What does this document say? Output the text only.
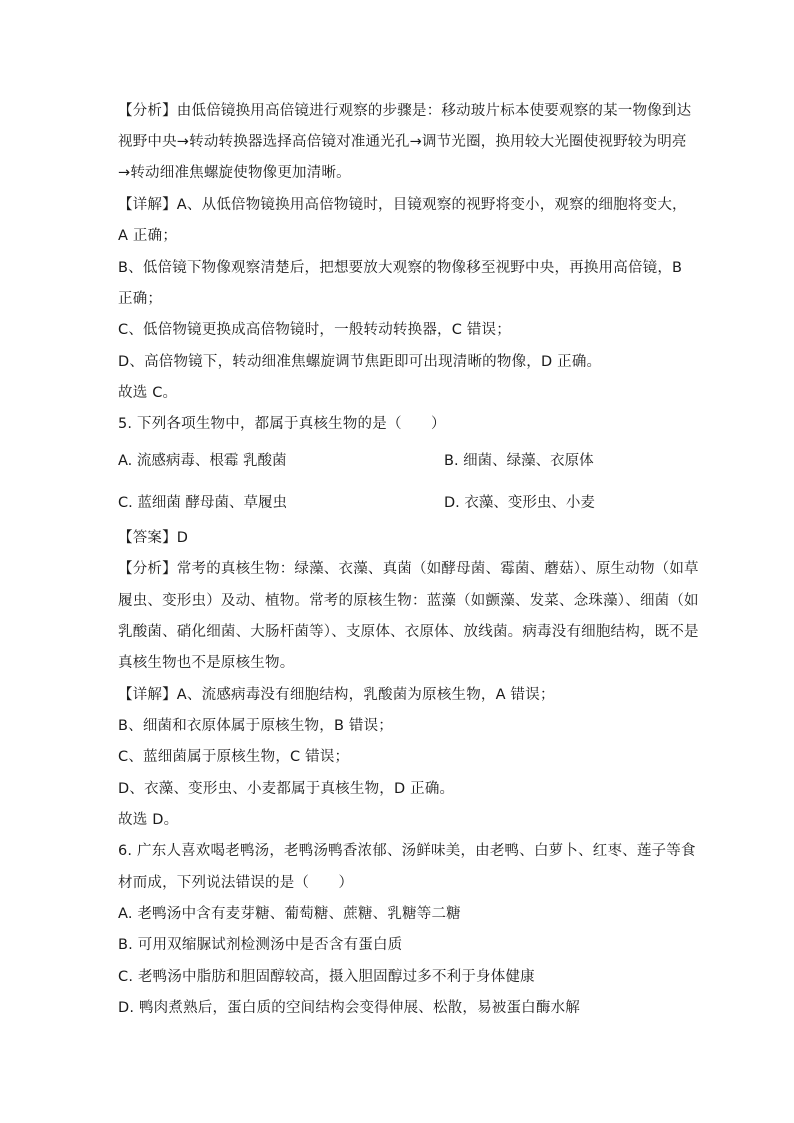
【分析】由低倍镜换用高倍镜进行观察的步骤是：移动玻片标本使要观察的某一物像到达
视野中央→转动转换器选择高倍镜对准通光孔→调节光圈，换用较大光圈使视野较为明亮
→转动细准焦螺旋使物像更加清晰。
【详解】A、从低倍物镜换用高倍物镜时，目镜观察的视野将变小，观察的细胞将变大，
A 正确；
B、低倍镜下物像观察清楚后，把想要放大观察的物像移至视野中央，再换用高倍镜，B
正确；
C、低倍物镜更换成高倍物镜时，一般转动转换器，C 错误；
D、高倍物镜下，转动细准焦螺旋调节焦距即可出现清晰的物像，D 正确。
故选 C。
5. 下列各项生物中，都属于真核生物的是（　　）
A. 流感病毒、根霉 乳酸菌	B. 细菌、绿藻、衣原体
C. 蓝细菌 酵母菌、草履虫	D. 衣藻、变形虫、小麦
【答案】D
【分析】常考的真核生物：绿藻、衣藻、真菌（如酵母菌、霉菌、蘑菇）、原生动物（如草
履虫、变形虫）及动、植物。常考的原核生物：蓝藻（如颤藻、发菜、念珠藻）、细菌（如
乳酸菌、硝化细菌、大肠杆菌等）、支原体、衣原体、放线菌。病毒没有细胞结构，既不是
真核生物也不是原核生物。
【详解】A、流感病毒没有细胞结构，乳酸菌为原核生物，A 错误；
B、细菌和衣原体属于原核生物，B 错误；
C、蓝细菌属于原核生物，C 错误；
D、衣藻、变形虫、小麦都属于真核生物，D 正确。
故选 D。
6. 广东人喜欢喝老鸭汤，老鸭汤鸭香浓郁、汤鲜味美，由老鸭、白萝卜、红枣、莲子等食
材而成，下列说法错误的是（　　）
A. 老鸭汤中含有麦芽糖、葡萄糖、蔗糖、乳糖等二糖
B. 可用双缩脲试剂检测汤中是否含有蛋白质
C. 老鸭汤中脂肪和胆固醇较高，摄入胆固醇过多不利于身体健康
D. 鸭肉煮熟后，蛋白质的空间结构会变得伸展、松散，易被蛋白酶水解
